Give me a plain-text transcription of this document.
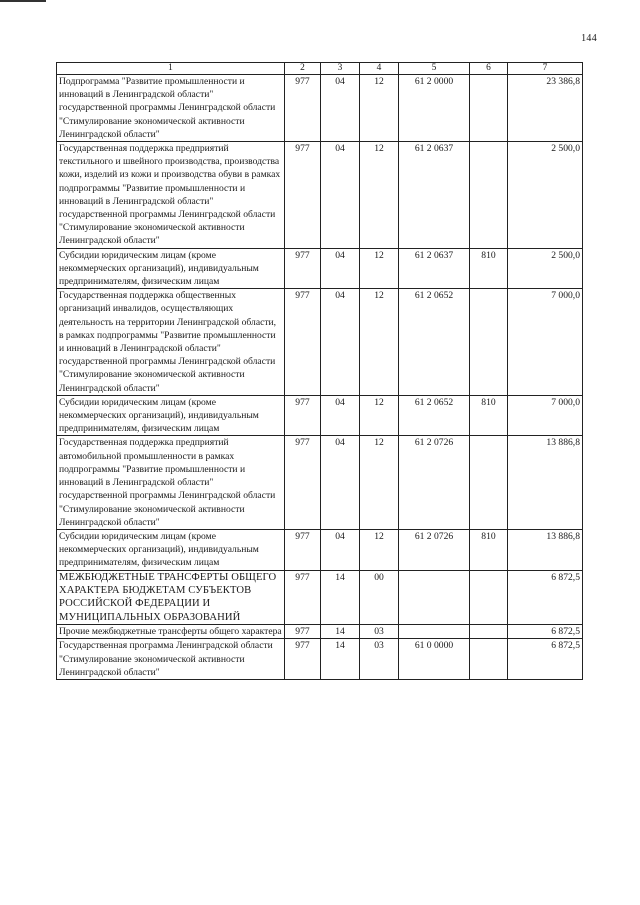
144
1	2	3	4	5	6	7
Подпрограмма "Развитие промышленности и инноваций в Ленинградской области" государственной программы Ленинградской области "Стимулирование экономической активности Ленинградской области"	977	04	12	61 2 0000		23 386,8
Государственная поддержка предприятий текстильного и швейного производства, производства кожи, изделий из кожи и производства обуви в рамках подпрограммы "Развитие промышленности и инноваций в Ленинградской области" государственной программы Ленинградской области "Стимулирование экономической активности Ленинградской области"	977	04	12	61 2 0637		2 500,0
Субсидии юридическим лицам (кроме некоммерческих организаций), индивидуальным предпринимателям, физическим лицам	977	04	12	61 2 0637	810	2 500,0
Государственная поддержка общественных организаций инвалидов, осуществляющих деятельность на территории Ленинградской области, в рамках подпрограммы "Развитие промышленности и инноваций в Ленинградской области" государственной программы Ленинградской области "Стимулирование экономической активности Ленинградской области"	977	04	12	61 2 0652		7 000,0
Субсидии юридическим лицам (кроме некоммерческих организаций), индивидуальным предпринимателям, физическим лицам	977	04	12	61 2 0652	810	7 000,0
Государственная поддержка предприятий автомобильной промышленности в рамках подпрограммы "Развитие промышленности и инноваций в Ленинградской области" государственной программы Ленинградской области "Стимулирование экономической активности Ленинградской области"	977	04	12	61 2 0726		13 886,8
Субсидии юридическим лицам (кроме некоммерческих организаций), индивидуальным предпринимателям, физическим лицам	977	04	12	61 2 0726	810	13 886,8
МЕЖБЮДЖЕТНЫЕ ТРАНСФЕРТЫ ОБЩЕГО ХАРАКТЕРА БЮДЖЕТАМ СУБЪЕКТОВ РОССИЙСКОЙ ФЕДЕРАЦИИ И МУНИЦИПАЛЬНЫХ ОБРАЗОВАНИЙ	977	14	00			6 872,5
Прочие межбюджетные трансферты общего характера	977	14	03			6 872,5
Государственная программа Ленинградской области "Стимулирование экономической активности Ленинградской области"	977	14	03	61 0 0000		6 872,5
